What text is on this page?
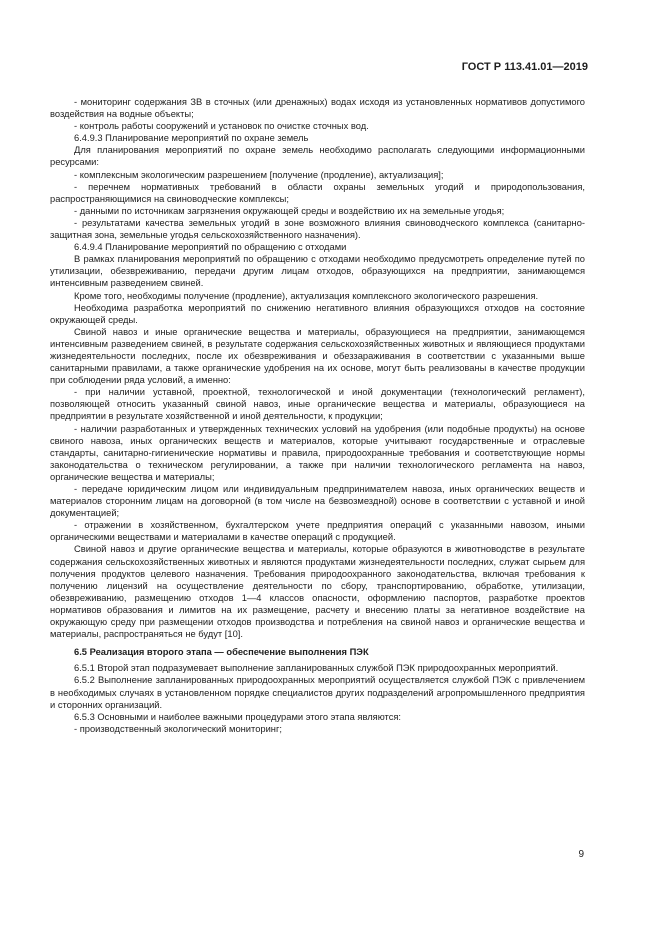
ГОСТ Р 113.41.01—2019

- мониторинг содержания ЗВ в сточных (или дренажных) водах исходя из установленных нормативов допустимого воздействия на водные объекты;

- контроль работы сооружений и установок по очистке сточных вод.

6.4.9.3 Планирование мероприятий по охране земель

Для планирования мероприятий по охране земель необходимо располагать следующими информационными ресурсами:

- комплексным экологическим разрешением [получение (продление), актуализация];

- перечнем нормативных требований в области охраны земельных угодий и природопользования, распространяющимися на свиноводческие комплексы;

- данными по источникам загрязнения окружающей среды и воздействию их на земельные угодья;

- результатами качества земельных угодий в зоне возможного влияния свиноводческого комплекса (санитарно-защитная зона, земельные угодья сельскохозяйственного назначения).

6.4.9.4 Планирование мероприятий по обращению с отходами

В рамках планирования мероприятий по обращению с отходами необходимо предусмотреть определение путей по утилизации, обезвреживанию, передачи другим лицам отходов, образующихся на предприятии, занимающемся интенсивным разведением свиней.

Кроме того, необходимы получение (продление), актуализация комплексного экологического разрешения.

Необходима разработка мероприятий по снижению негативного влияния образующихся отходов на состояние окружающей среды.

Свиной навоз и иные органические вещества и материалы, образующиеся на предприятии, занимающемся интенсивным разведением свиней, в результате содержания сельскохозяйственных животных и являющиеся продуктами жизнедеятельности последних, после их обезвреживания и обеззараживания в соответствии с указанными выше санитарными правилами, а также органические удобрения на их основе, могут быть реализованы в качестве продукции при соблюдении ряда условий, а именно:

- при наличии уставной, проектной, технологической и иной документации (технологический регламент), позволяющей относить указанный свиной навоз, иные органические вещества и материалы, образующиеся на предприятии в результате хозяйственной и иной деятельности, к продукции;

- наличии разработанных и утвержденных технических условий на удобрения (или подобные продукты) на основе свиного навоза, иных органических веществ и материалов, которые учитывают государственные и отраслевые стандарты, санитарно-гигиенические нормативы и правила, природоохранные требования и соответствующие нормы законодательства о техническом регулировании, а также при наличии технологического регламента на навоз, органические вещества и материалы;

- передаче юридическим лицом или индивидуальным предпринимателем навоза, иных органических веществ и материалов сторонним лицам на договорной (в том числе на безвозмездной) основе в соответствии с уставной и иной документацией;

- отражении в хозяйственном, бухгалтерском учете предприятия операций с указанными навозом, иными органическими веществами и материалами в качестве операций с продукцией.

Свиной навоз и другие органические вещества и материалы, которые образуются в животноводстве в результате содержания сельскохозяйственных животных и являются продуктами жизнедеятельности последних, служат сырьем для получения продуктов целевого назначения. Требования природоохранного законодательства, включая требования к получению лицензий на осуществление деятельности по сбору, транспортированию, обработке, утилизации, обезвреживанию, размещению отходов 1—4 классов опасности, оформлению паспортов, разработке проектов нормативов образования и лимитов на их размещение, расчету и внесению платы за негативное воздействие на окружающую среду при размещении отходов производства и потребления на свиной навоз и органические вещества и материалы, распространяться не будут [10].

6.5 Реализация второго этапа — обеспечение выполнения ПЭК

6.5.1 Второй этап подразумевает выполнение запланированных службой ПЭК природоохранных мероприятий.

6.5.2 Выполнение запланированных природоохранных мероприятий осуществляется службой ПЭК с привлечением в необходимых случаях в установленном порядке специалистов других подразделений агропромышленного предприятия и сторонних организаций.

6.5.3 Основными и наиболее важными процедурами этого этапа являются:

- производственный экологический мониторинг;

9
